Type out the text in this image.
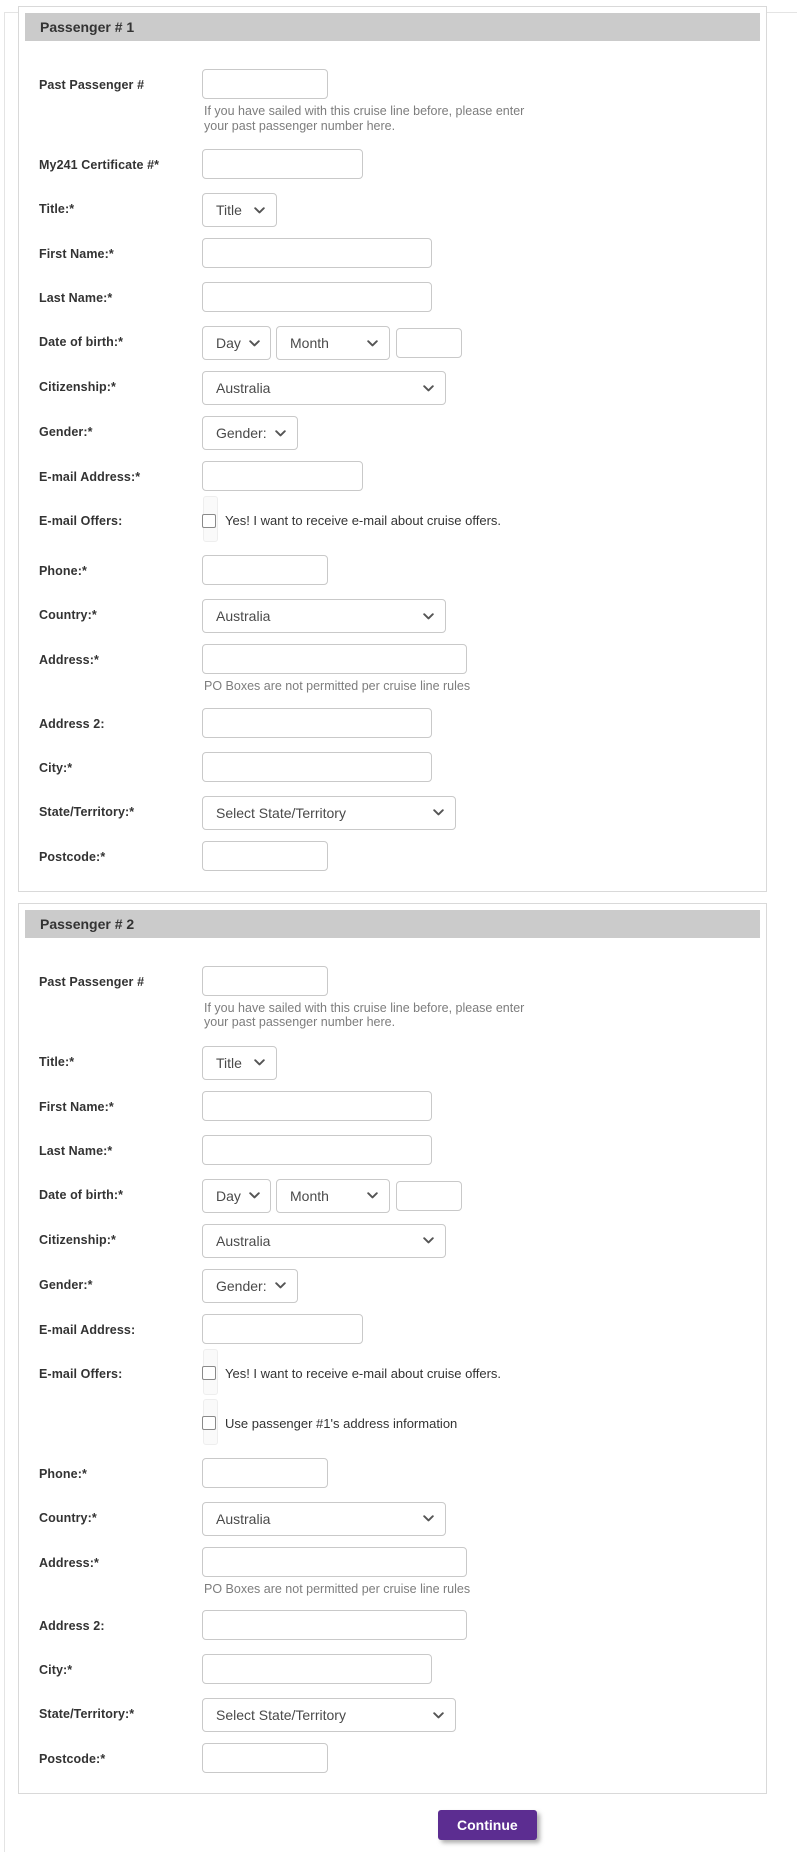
Passenger # 1
Past Passenger #
If you have sailed with this cruise line before, please enter
your past passenger number here.
My241 Certificate #*
Title:*	Title
First Name:*
Last Name:*
Date of birth:*	Day	Month
Citizenship:*	Australia
Gender:*	Gender:
E-mail Address:*
E-mail Offers:	Yes! I want to receive e-mail about cruise offers.
Phone:*
Country:*	Australia
Address:*
PO Boxes are not permitted per cruise line rules
Address 2:
City:*
State/Territory:*	Select State/Territory
Postcode:*
Passenger # 2
Past Passenger #
If you have sailed with this cruise line before, please enter
your past passenger number here.
Title:*	Title
First Name:*
Last Name:*
Date of birth:*	Day	Month
Citizenship:*	Australia
Gender:*	Gender:
E-mail Address:
E-mail Offers:	Yes! I want to receive e-mail about cruise offers.
Use passenger #1's address information
Phone:*
Country:*	Australia
Address:*
PO Boxes are not permitted per cruise line rules
Address 2:
City:*
State/Territory:*	Select State/Territory
Postcode:*
Continue
